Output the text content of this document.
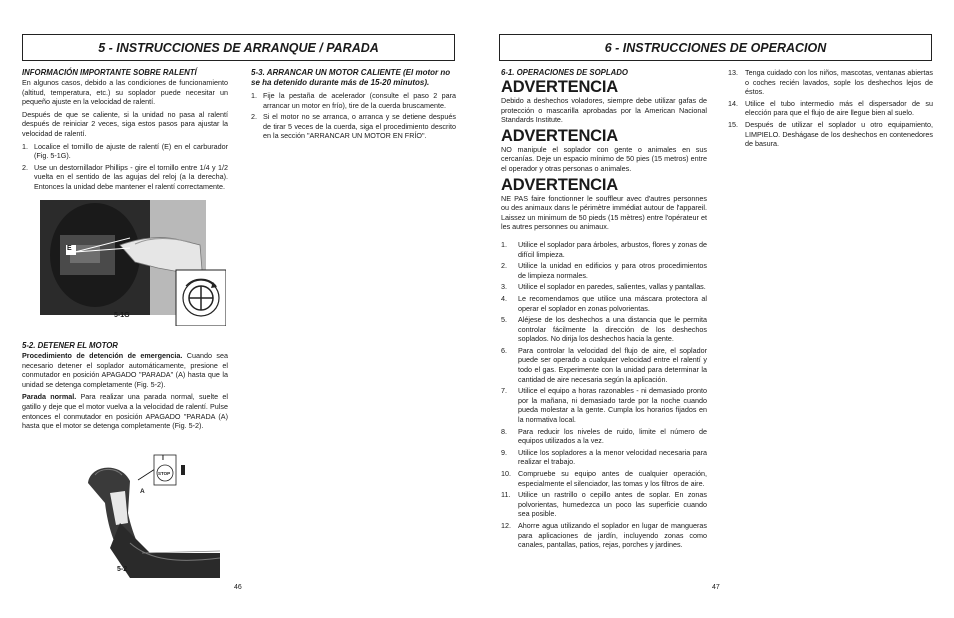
5 - INSTRUCCIONES DE ARRANQUE / PARADA
INFORMACIÓN IMPORTANTE SOBRE RALENTÍ

En algunos casos, debido a las condiciones de funcionamiento (altitud, temperatura, etc.) su soplador puede necesitar un pequeño ajuste en la velocidad de ralentí.

Después de que se caliente, si la unidad no pasa al ralentí después de reiniciar 2 veces, siga estos pasos para ajustar la velocidad de ralentí.

1. Localice el tornillo de ajuste de ralentí (E) en el carburador (Fig. 5-1G).
2. Use un destornillador Phillips - gire el tornillo entre 1/4 y 1/2 vuelta en el sentido de las agujas del reloj (a la derecha). Entonces la unidad debe mantener el ralentí correctamente.
E
5-1G
5-2. DETENER EL MOTOR

Procedimiento de detención de emergencia. Cuando sea necesario detener el soplador automáticamente, presione el conmutador en posición APAGADO "PARADA" (A) hasta que la unidad se detenga completamente (Fig. 5-2).

Parada normal. Para realizar una parada normal, suelte el gatillo y deje que el motor vuelva a la velocidad de ralentí. Pulse entonces el conmutador en posición APAGADO "PARADA (A) hasta que el motor se detenga completamente (Fig. 5-2).

I
STOP
A
5-2
5-3. ARRANCAR UN MOTOR CALIENTE (El motor no se ha detenido durante más de 15-20 minutos).
1. Fije la pestaña de acelerador (consulte el paso 2 para arrancar un motor en frío), tire de la cuerda bruscamente.
2. Si el motor no se arranca, o arranca y se detiene después de tirar 5 veces de la cuerda, siga el procedimiento descrito en la sección "ARRANCAR UN MOTOR EN FRÍO".
46
6 - INSTRUCCIONES DE OPERACION
6-1. OPERACIONES DE SOPLADO
ADVERTENCIA

Debido a deshechos voladores, siempre debe utilizar gafas de protección o mascarilla aprobadas por la American Nacional Standards Institute.

ADVERTENCIA

NO manipule el soplador con gente o animales en sus cercanías. Deje un espacio mínimo de 50 pies (15 metros) entre el operador y otras personas o animales.

ADVERTENCIA

NE PAS faire fonctionner le souffleur avec d'autres personnes ou des animaux dans le périmètre immédiat autour de l'appareil. Laissez un minimum de 50 pieds (15 mètres) entre l'opérateur et les autres personnes ou animaux.

1.	Utilice el soplador para árboles, arbustos, flores y zonas de difícil limpieza.
2.	Utilice la unidad en edificios y para otros procedimientos de limpieza normales.
3.	Utilice el soplador en paredes, salientes, vallas y pantallas.
4.	Le recomendamos que utilice una máscara protectora al operar el soplador en zonas polvorientas.
5.	Aléjese de los deshechos a una distancia que le permita controlar fácilmente la dirección de los deshechos soplados. No dirija los deshechos hacia la gente.
6.	Para controlar la velocidad del flujo de aire, el soplador puede ser operado a cualquier velocidad entre el ralentí y todo el gas. Experimente con la unidad para determinar la cantidad de aire necesaria según la aplicación.
7.	Utilice el equipo a horas razonables - ni demasiado pronto por la mañana, ni demasiado tarde por la noche cuando pueda molestar a la gente. Cumpla los horarios fijados en la normativa local.
8.	Para reducir los niveles de ruido, limite el número de equipos utilizados a la vez.
9.	Utilice los sopladores a la menor velocidad necesaria para realizar el trabajo.
10. Compruebe su equipo antes de cualquier operación, especialmente el silenciador, las tomas y los filtros de aire.
11.	Utilice un rastrillo o cepillo antes de soplar. En zonas polvorientas, humedezca un poco las superficie cuando sea posible.
12. Ahorre agua utilizando el soplador en lugar de mangueras para aplicaciones de jardín, incluyendo zonas como canales, pantallas, patios, rejas, porches y jardines.
13. Tenga cuidado con los niños, mascotas, ventanas abiertas o coches recién lavados, sople los deshechos lejos de éstos.
14. Utilice el tubo intermedio más el dispersador de su elección para que el flujo de aire llegue bien al suelo.
15. Después de utilizar el soplador u otro equipamiento, LIMPIELO. Deshágase de los deshechos en contenedores de basura.
47
